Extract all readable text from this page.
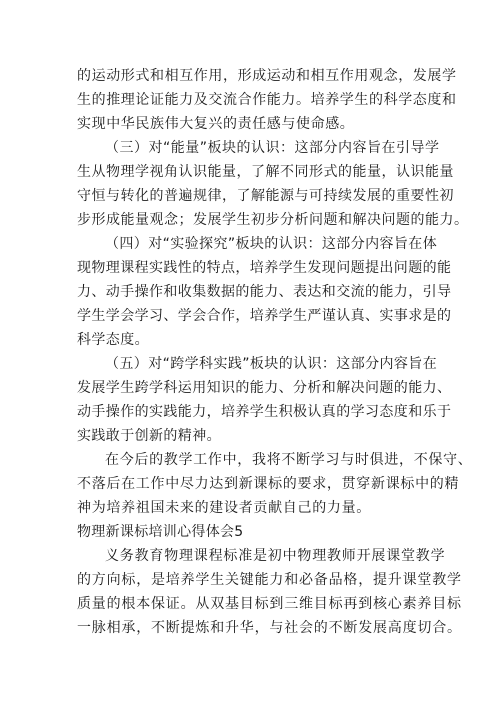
的运动形式和相互作用，形成运动和相互作用观念，发展学

生的推理论证能力及交流合作能力。培养学生的科学态度和

实现中华民族伟大复兴的责任感与使命感。

（三）对“能量”板块的认识：这部分内容旨在引导学

生从物理学视角认识能量，了解不同形式的能量，认识能量

守恒与转化的普遍规律，了解能源与可持续发展的重要性初

步形成能量观念；发展学生初步分析问题和解决问题的能力。

（四）对“实验探究”板块的认识：这部分内容旨在体

现物理课程实践性的特点，培养学生发现问题提出问题的能

力、动手操作和收集数据的能力、表达和交流的能力，引导

学生学会学习、学会合作，培养学生严谨认真、实事求是的

科学态度。

（五）对“跨学科实践”板块的认识：这部分内容旨在

发展学生跨学科运用知识的能力、分析和解决问题的能力、

动手操作的实践能力，培养学生积极认真的学习态度和乐于

实践敢于创新的精神。

在今后的教学工作中，我将不断学习与时俱进，不保守、

不落后在工作中尽力达到新课标的要求，贯穿新课标中的精

神为培养祖国未来的建设者贡献自己的力量。

物理新课标培训心得体会5

义务教育物理课程标准是初中物理教师开展课堂教学

的方向标，是培养学生关键能力和必备品格，提升课堂教学

质量的根本保证。从双基目标到三维目标再到核心素养目标

一脉相承，不断提炼和升华，与社会的不断发展高度切合。
